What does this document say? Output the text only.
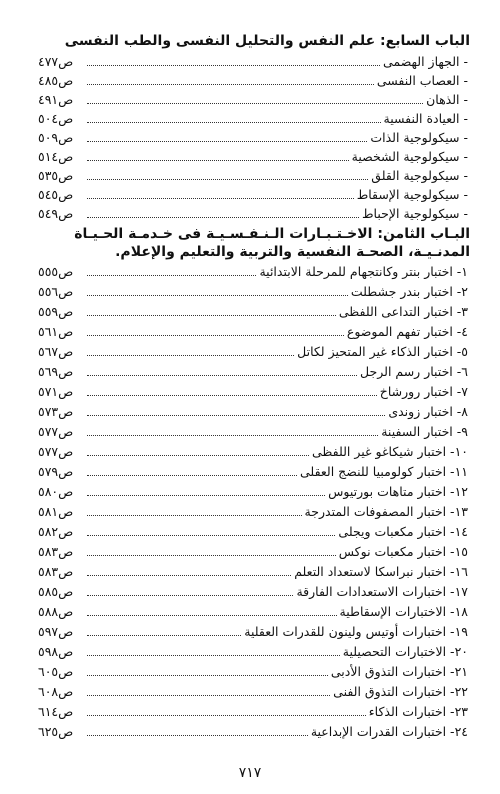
الباب السابع: علم النفس والتحليل النفسى والطب النفسى
- الجهاز الهضمى
ص٤٧٧
- العصاب النفسى
ص٤٨٥
- الذهان
ص٤٩١
- العيادة النفسية
ص٥٠٤
- سيكولوجية الذات
ص٥٠٩
- سيكولوجية الشخصية
ص٥١٤
- سيكولوجية القلق
ص٥٣٥
- سيكولوجية الإسقاط
ص٥٤٥
- سيكولوجية الإحباط
ص٥٤٩
البـاب الثامن: الاخـتـبـارات الـنـفـسـيـة فى خـدمـة الحـيـاة المدنـيـة، الصحـة النفسية والتربية والتعليم والإعلام.
١- اختبار بنتر وكانتجهام للمرحلة الابتدائية
ص٥٥٥
٢- اختبار بندر جشطلت
ص٥٥٦
٣- اختبار التداعى اللفظى
ص٥٥٩
٤- اختبار تفهم الموضوع
ص٥٦١
٥- اختبار الذكاء غير المتحيز لكاتل
ص٥٦٧
٦- اختبار رسم الرجل
ص٥٦٩
٧- اختبار رورشاخ
ص٥٧١
٨- اختبار زوندى
ص٥٧٣
٩- اختبار السفينة
ص٥٧٧
١٠- اختبار شيكاغو غير اللفظى
ص٥٧٧
١١- اختبار كولومبيا للنضج العقلى
ص٥٧٩
١٢- اختبار متاهات بورتيوس
ص٥٨٠
١٣- اختبار المصفوفات المتدرجة
ص٥٨١
١٤- اختبار مكعبات ويجلى
ص٥٨٢
١٥- اختبار مكعبات نوكس
ص٥٨٣
١٦- اختبار نبراسكا لاستعداد التعلم
ص٥٨٣
١٧- اختبارات الاستعدادات الفارقة
ص٥٨٥
١٨- الاختبارات الإسقاطية
ص٥٨٨
١٩- اختبارات أوتيس ولينون للقدرات العقلية
ص٥٩٧
٢٠- الاختبارات التحصيلية
ص٥٩٨
٢١- اختبارات التذوق الأدبى
ص٦٠٥
٢٢- اختبارات التذوق الفنى
ص٦٠٨
٢٣- اختبارات الذكاء
ص٦١٤
٢٤- اختبارات القدرات الإبداعية
ص٦٢٥
٧١٧
